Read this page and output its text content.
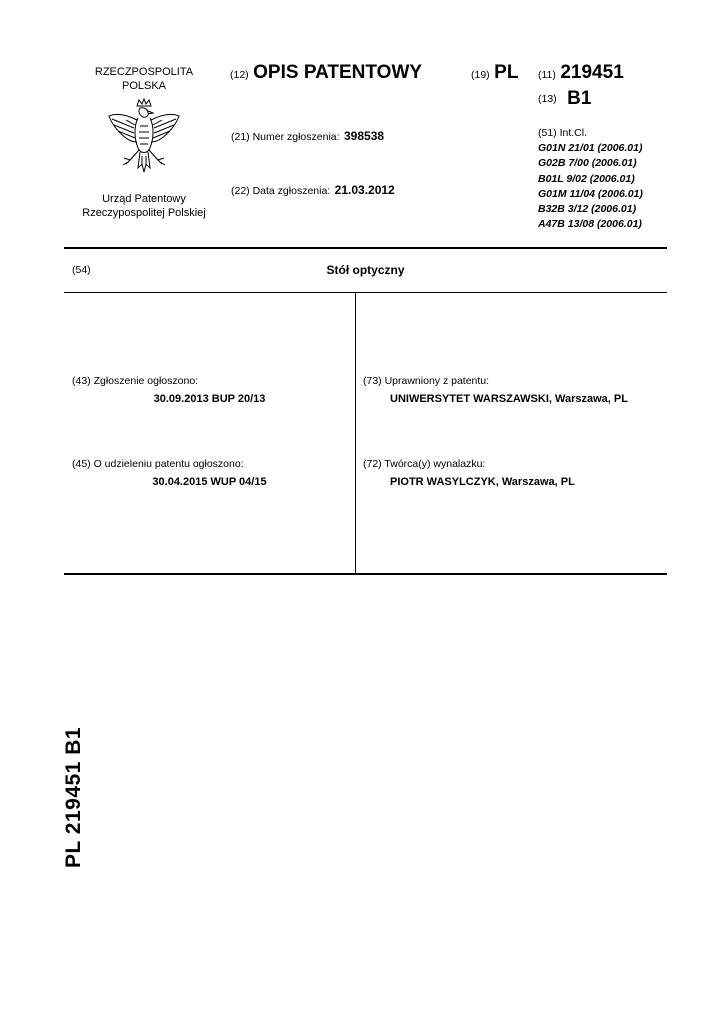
RZECZPOSPOLITA
POLSKA
Urząd Patentowy
Rzeczypospolitej Polskiej
(12) OPIS PATENTOWY	(19) PL (11) 219451
(13) B1
(21) Numer zgłoszenia: 398538
(22) Data zgłoszenia: 21.03.2012
(51) Int.Cl.
G01N 21/01 (2006.01)
G02B 7/00 (2006.01)
B01L 9/02 (2006.01)
G01M 11/04 (2006.01)
B32B 3/12 (2006.01)
A47B 13/08 (2006.01)
(54)	Stół optyczny
(43) Zgłoszenie ogłoszono:
30.09.2013 BUP 20/13
(45) O udzieleniu patentu ogłoszono:
30.04.2015 WUP 04/15
(73) Uprawniony z patentu:
UNIWERSYTET WARSZAWSKI, Warszawa, PL
(72) Twórca(y) wynalazku:
PIOTR WASYLCZYK, Warszawa, PL
PL 219451 B1
